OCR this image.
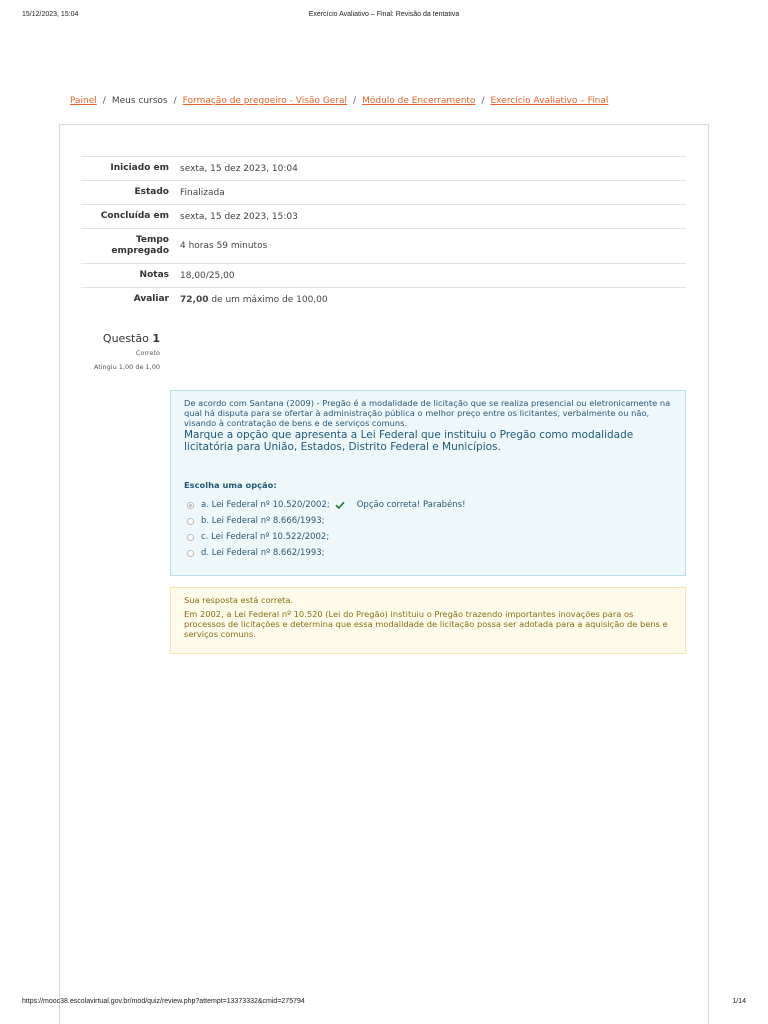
15/12/2023, 15:04	Exercício Avaliativo – Final: Revisão da tentativa
Painel / Meus cursos / Formação de pregoeiro - Visão Geral / Módulo de Encerramento / Exercício Avaliativo – Final
Iniciado em	sexta, 15 dez 2023, 10:04
Estado	Finalizada
Concluída em	sexta, 15 dez 2023, 15:03
Tempo
empregado	4 horas 59 minutos
Notas	18,00/25,00
Avaliar	72,00 de um máximo de 100,00
Questão 1
Correto
Atingiu 1,00 de 1,00
De acordo com Santana (2009) - Pregão é a modalidade de licitação que se realiza presencial ou eletronicamente na qual há disputa para se ofertar à administração pública o melhor preço entre os licitantes, verbalmente ou não, visando à contratação de bens e de serviços comuns.
Marque a opção que apresenta a Lei Federal que instituiu o Pregão como modalidade licitatória para União, Estados, Distrito Federal e Municípios.
Escolha uma opção:
a. Lei Federal nº 10.520/2002;	Opção correta! Parabéns!
b. Lei Federal nº 8.666/1993;
c. Lei Federal nº 10.522/2002;
d. Lei Federal nº 8.662/1993;
Sua resposta está correta.
Em 2002, a Lei Federal nº 10.520 (Lei do Pregão) instituiu o Pregão trazendo importantes inovações para os processos de licitações e determina que essa modalidade de licitação possa ser adotada para a aquisição de bens e serviços comuns.
https://mooc38.escolavirtual.gov.br/mod/quiz/review.php?attempt=13373332&cmid=275794	1/14
